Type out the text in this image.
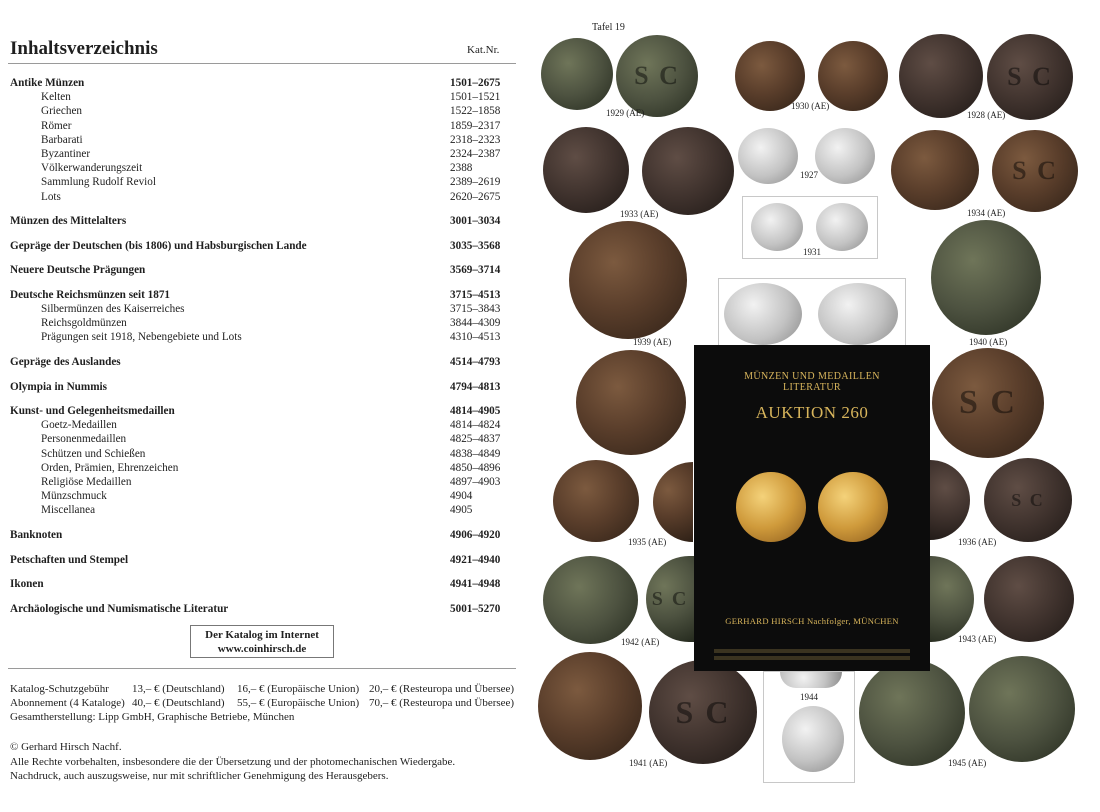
Inhaltsverzeichnis	Kat.Nr.
Antike Münzen	1501–2675
Kelten	1501–1521
Griechen	1522–1858
Römer	1859–2317
Barbarati	2318–2323
Byzantiner	2324–2387
Völkerwanderungszeit	2388
Sammlung Rudolf Reviol	2389–2619
Lots	2620–2675
Münzen des Mittelalters	3001–3034
Gepräge der Deutschen (bis 1806) und Habsburgischen Lande	3035–3568
Neuere Deutsche Prägungen	3569–3714
Deutsche Reichsmünzen seit 1871	3715–4513
Silbermünzen des Kaiserreiches	3715–3843
Reichsgoldmünzen	3844–4309
Prägungen seit 1918, Nebengebiete und Lots	4310–4513
Gepräge des Auslandes	4514–4793
Olympia in Nummis	4794–4813
Kunst- und Gelegenheitsmedaillen	4814–4905
Goetz-Medaillen	4814–4824
Personenmedaillen	4825–4837
Schützen und Schießen	4838–4849
Orden, Prämien, Ehrenzeichen	4850–4896
Religiöse Medaillen	4897–4903
Münzschmuck	4904
Miscellanea	4905
Banknoten	4906–4920
Petschaften und Stempel	4921–4940
Ikonen	4941–4948
Archäologische und Numismatische Literatur	5001–5270
Der Katalog im Internet
www.coinhirsch.de
Katalog-Schutzgebühr 13,– € (Deutschland) 16,– € (Europäische Union) 20,– € (Resteuropa und Übersee)
Abonnement (4 Kataloge) 40,– € (Deutschland) 55,– € (Europäische Union) 70,– € (Resteuropa und Übersee)
Gesamtherstellung: Lipp GmbH, Graphische Betriebe, München
© Gerhard Hirsch Nachf.
Alle Rechte vorbehalten, insbesondere die der Übersetzung und der photomechanischen Wiedergabe.
Nachdruck, auch auszugsweise, nur mit schriftlicher Genehmigung des Herausgebers.
Tafel 19
S C
1929 (AE)
1930 (AE)
S C
1928 (AE)
1933 (AE)
1927
1931
S C
1934 (AE)
1939 (AE)	1940 (AE)
S C
1935 (AE)
S C
1936 (AE)
S C
1942 (AE)	1943 (AE)
S C
1941 (AE)
1944
1945 (AE)
MÜNZEN UND MEDAILLEN
LITERATUR
AUKTION 260
GERHARD HIRSCH Nachfolger, MÜNCHEN
